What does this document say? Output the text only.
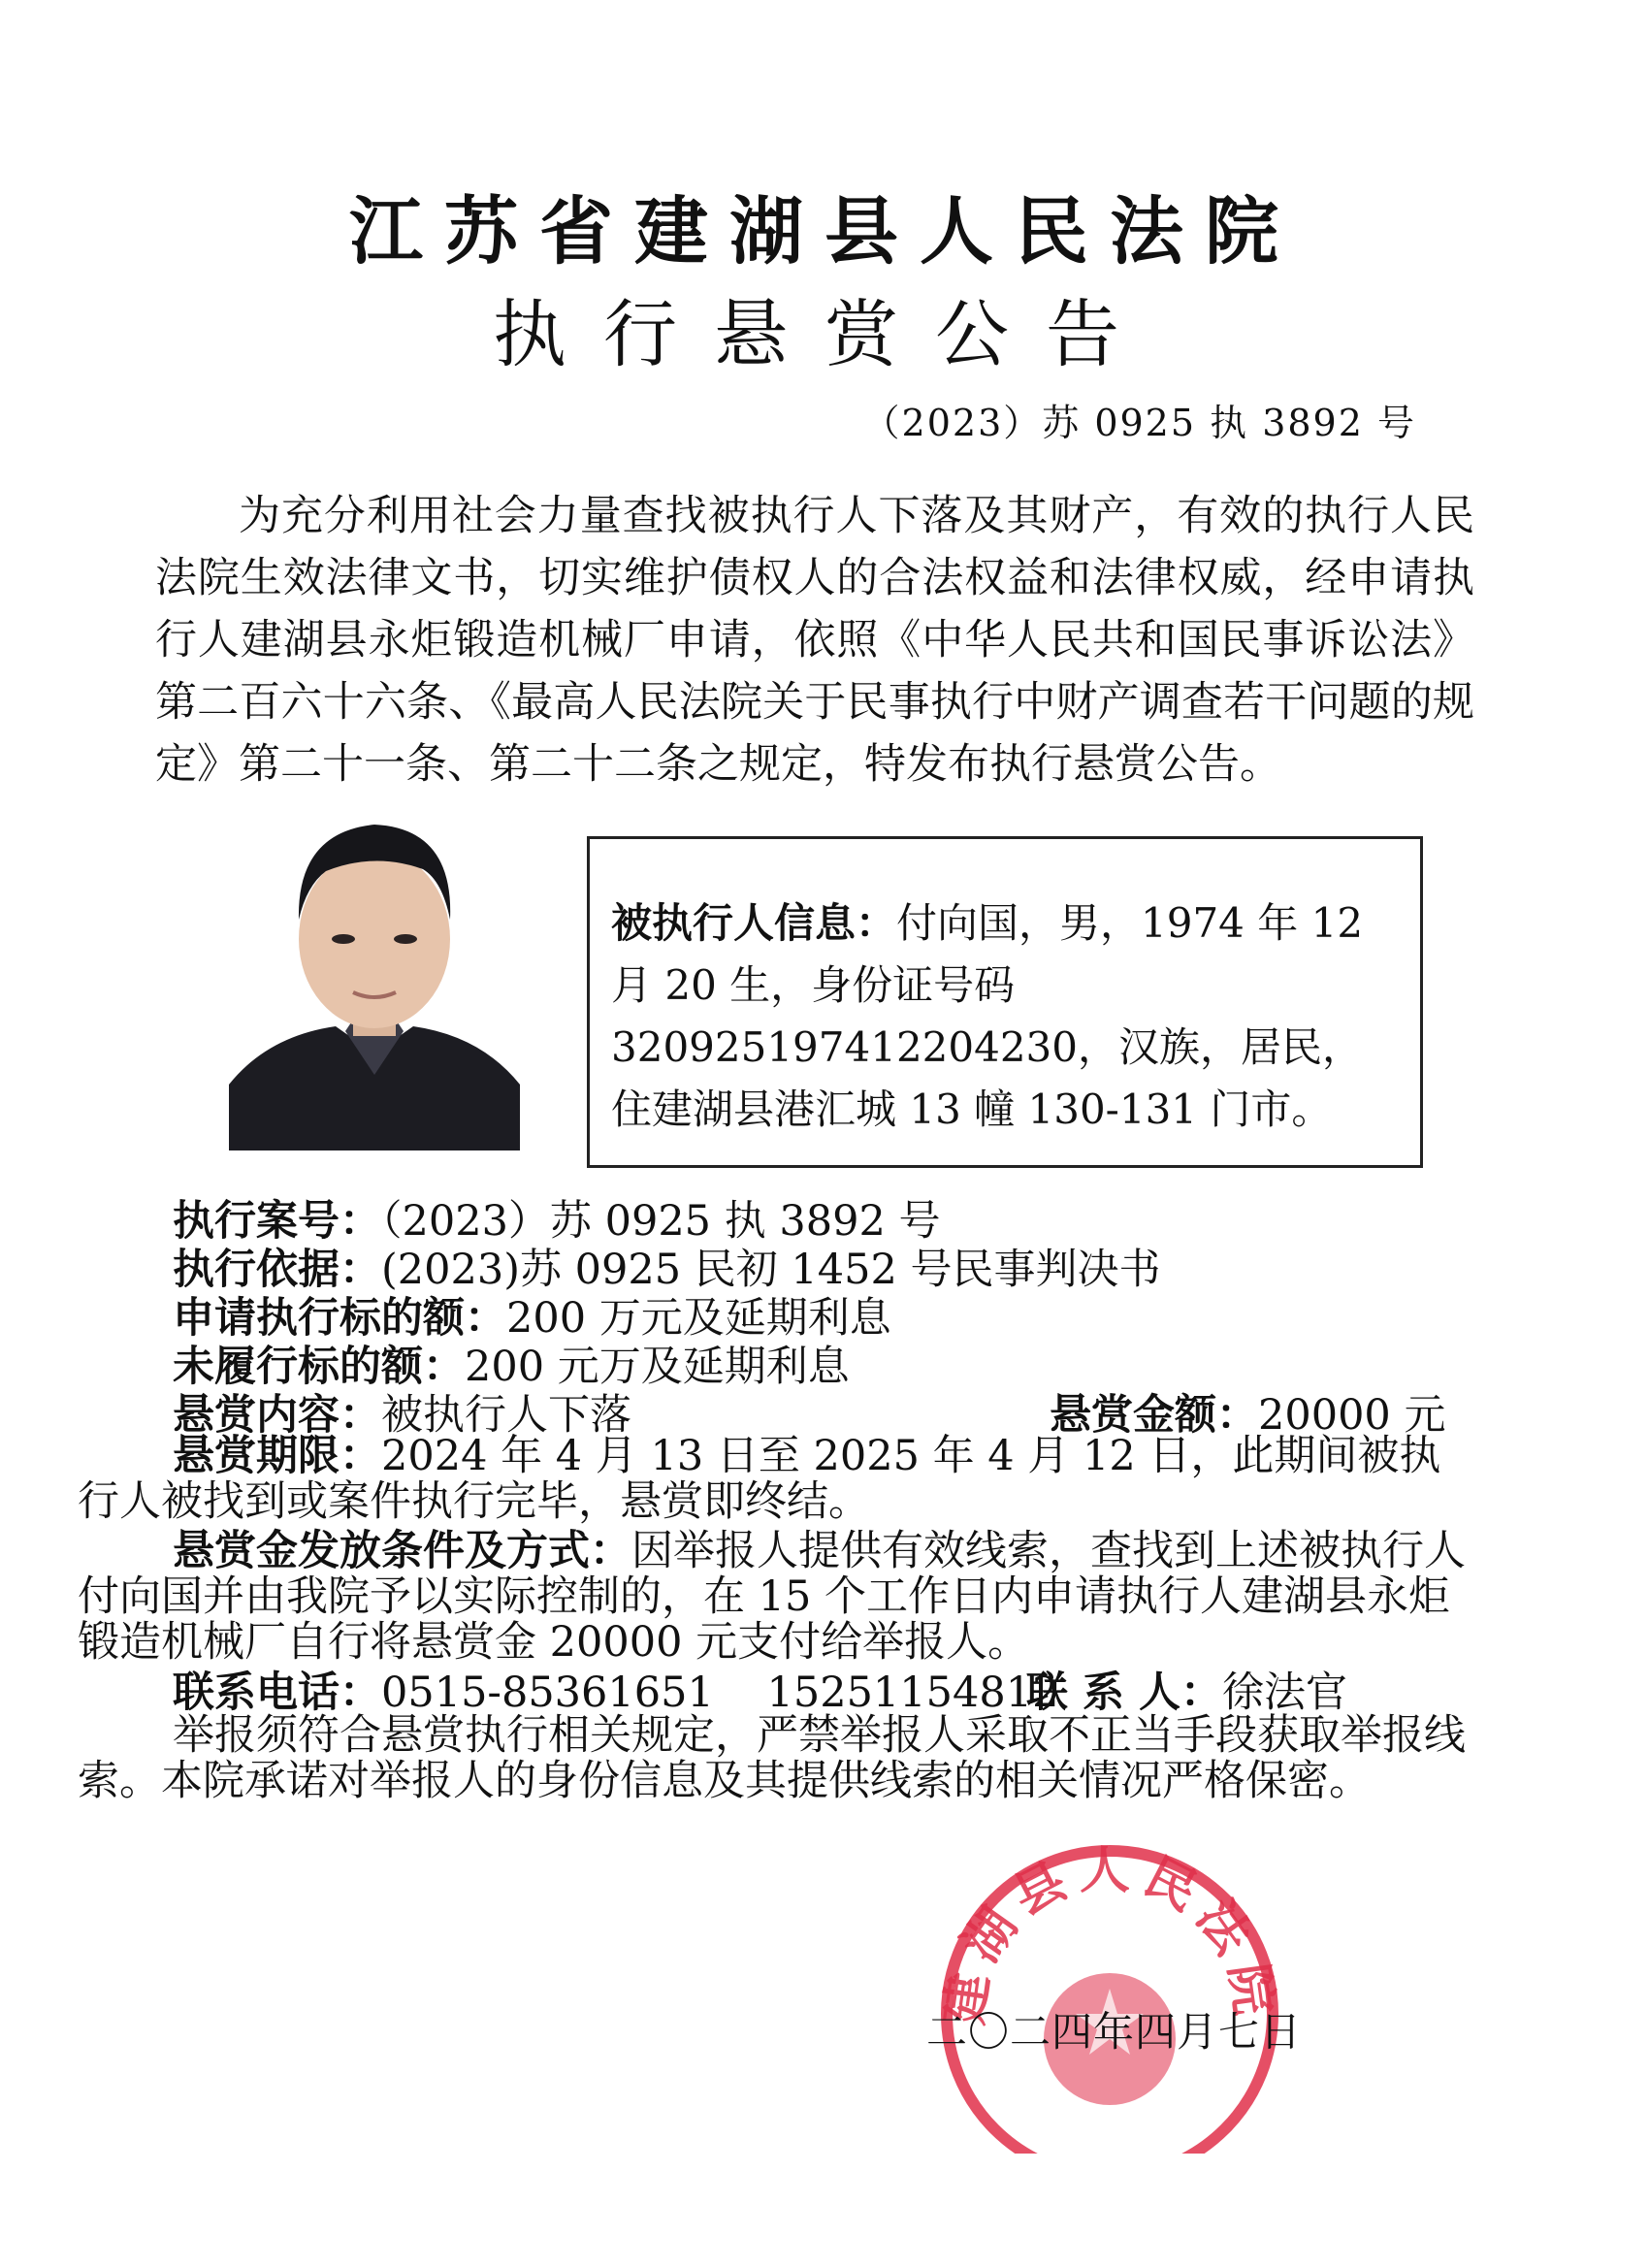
江苏省建湖县人民法院
执行悬赏公告
（2023）苏 0925 执 3892 号

为充分利用社会力量查找被执行人下落及其财产，有效的执行人民法院生效法律文书，切实维护债权人的合法权益和法律权威，经申请执行人建湖县永炬锻造机械厂申请，依照《中华人民共和国民事诉讼法》第二百六十六条、《最高人民法院关于民事执行中财产调查若干问题的规定》第二十一条、第二十二条之规定，特发布执行悬赏公告。

被执行人信息：付向国，男，1974 年 12 月 20 生，身份证号码 320925197412204230，汉族，居民，住建湖县港汇城 13 幢 130-131 门市。
执行案号：（2023）苏 0925 执 3892 号
执行依据：(2023)苏 0925 民初 1452 号民事判决书
申请执行标的额：200 万元及延期利息
未履行标的额：200 元万及延期利息
悬赏内容：被执行人下落	悬赏金额：20000 元

悬赏期限：2024 年 4 月 13 日至 2025 年 4 月 12 日，此期间被执行人被找到或案件执行完毕，悬赏即终结。

悬赏金发放条件及方式：因举报人提供有效线索，查找到上述被执行人付向国并由我院予以实际控制的，在 15 个工作日内申请执行人建湖县永炬锻造机械厂自行将悬赏金 20000 元支付给举报人。

联系电话：0515-85361651    15251154812
联 系 人：徐法官

举报须符合悬赏执行相关规定，严禁举报人采取不正当手段获取举报线索。本院承诺对举报人的身份信息及其提供线索的相关情况严格保密。

建湖县人民法院
二〇二四年四月七日
